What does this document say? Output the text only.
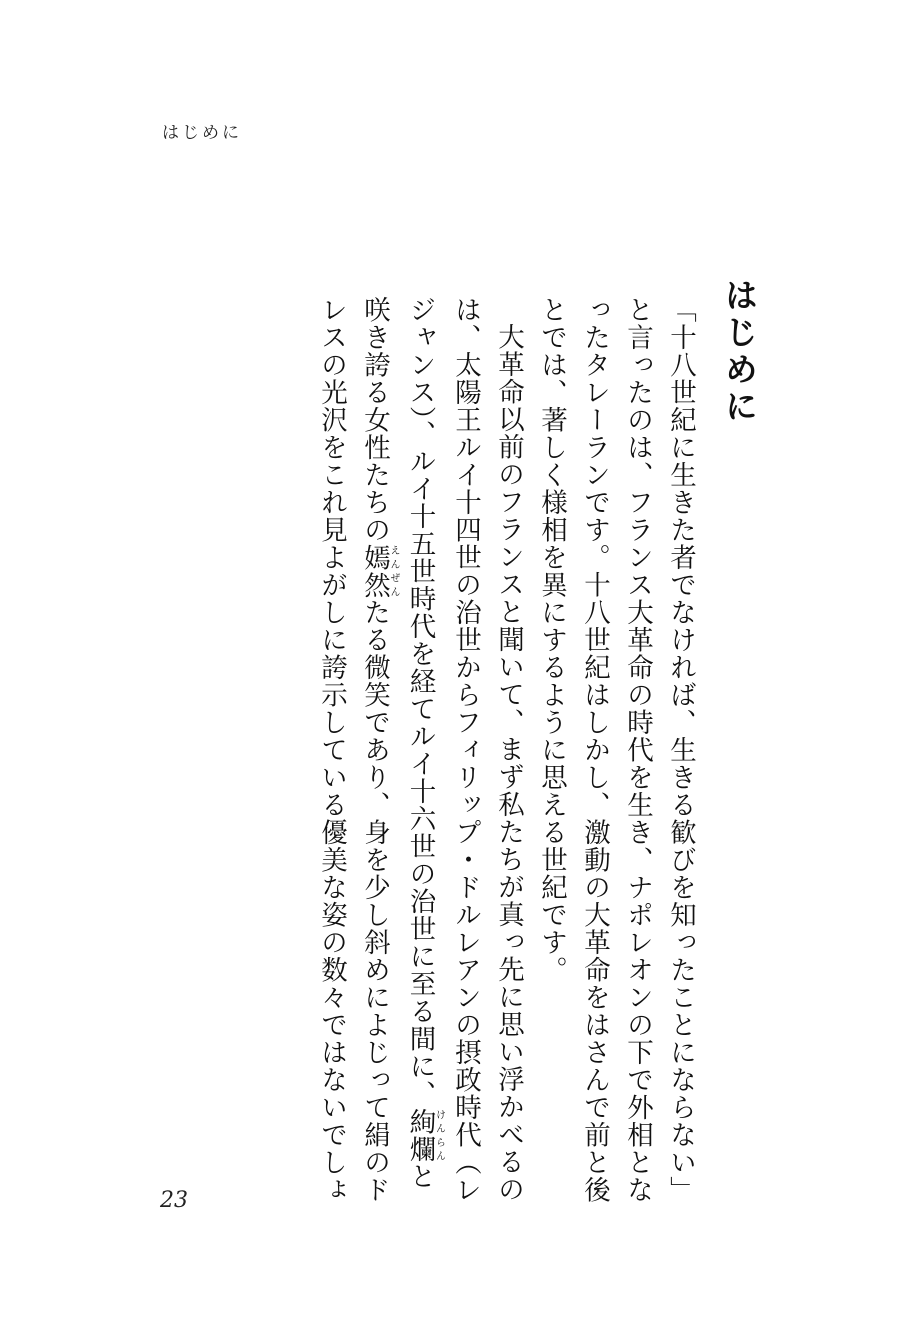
はじめに
はじめに
「十八世紀に生きた者でなければ、生きる歓びを知ったことにならない」
と言ったのは、フランス大革命の時代を生き、ナポレオンの下で外相とな
ったタレーランです。十八世紀はしかし、激動の大革命をはさんで前と後
とでは、著しく様相を異にするように思える世紀です。
大革命以前のフランスと聞いて、まず私たちが真っ先に思い浮かべるの
は、太陽王ルイ十四世の治世からフィリップ・ドルレアンの摂政時代（レ
ジャンス）、ルイ十五世時代を経てルイ十六世の治世に至る間に、絢爛けんらんと
咲き誇る女性たちの嫣然えんぜんたる微笑であり、身を少し斜めによじって絹のド
レスの光沢をこれ見よがしに誇示している優美な姿の数々ではないでしょ
23
